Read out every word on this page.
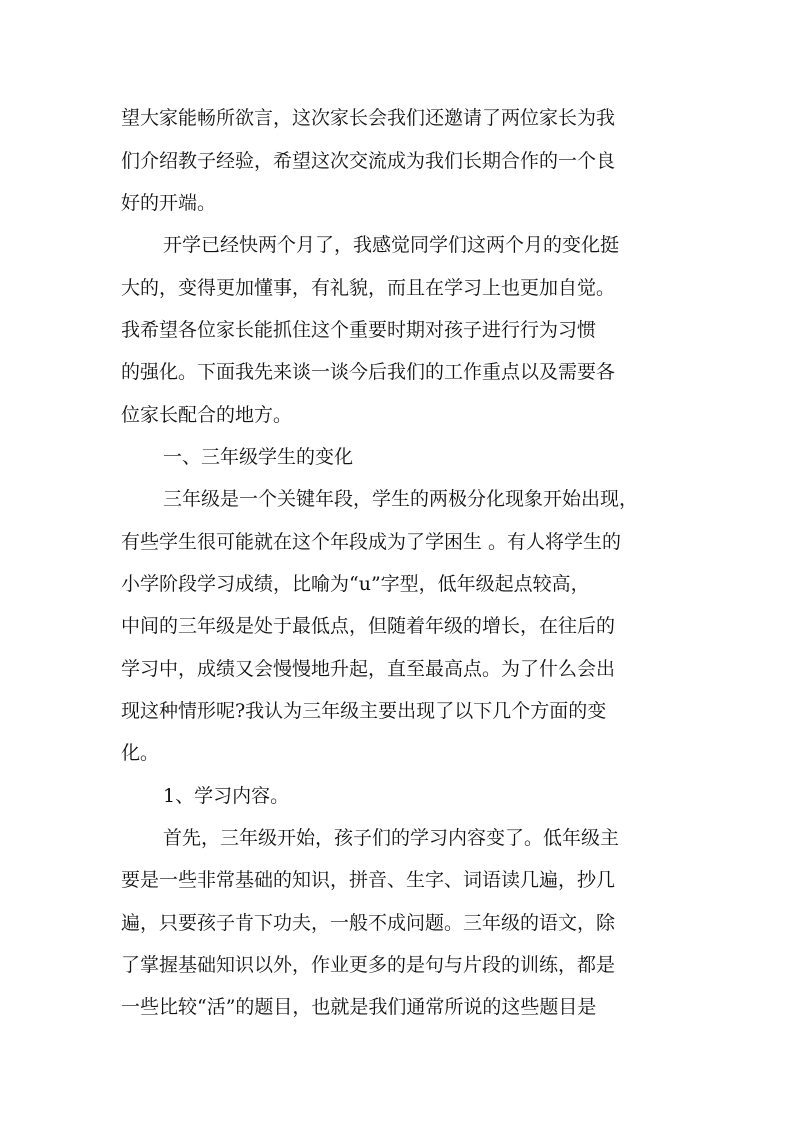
望大家能畅所欲言，这次家长会我们还邀请了两位家长为我

们介绍教子经验，希望这次交流成为我们长期合作的一个良

好的开端。

开学已经快两个月了，我感觉同学们这两个月的变化挺

大的，变得更加懂事，有礼貌，而且在学习上也更加自觉。

我希望各位家长能抓住这个重要时期对孩子进行行为习惯

的强化。下面我先来谈一谈今后我们的工作重点以及需要各

位家长配合的地方。

一、三年级学生的变化

三年级是一个关键年段，学生的两极分化现象开始出现，

有些学生很可能就在这个年段成为了学困生 。有人将学生的

小学阶段学习成绩，比喻为“u”字型，低年级起点较高，

中间的三年级是处于最低点，但随着年级的增长，在往后的

学习中，成绩又会慢慢地升起，直至最高点。为了什么会出

现这种情形呢?我认为三年级主要出现了以下几个方面的变

化。

1、学习内容。

首先，三年级开始，孩子们的学习内容变了。低年级主

要是一些非常基础的知识，拼音、生字、词语读几遍，抄几

遍，只要孩子肯下功夫，一般不成问题。三年级的语文，除

了掌握基础知识以外，作业更多的是句与片段的训练，都是

一些比较“活”的题目，也就是我们通常所说的这些题目是
